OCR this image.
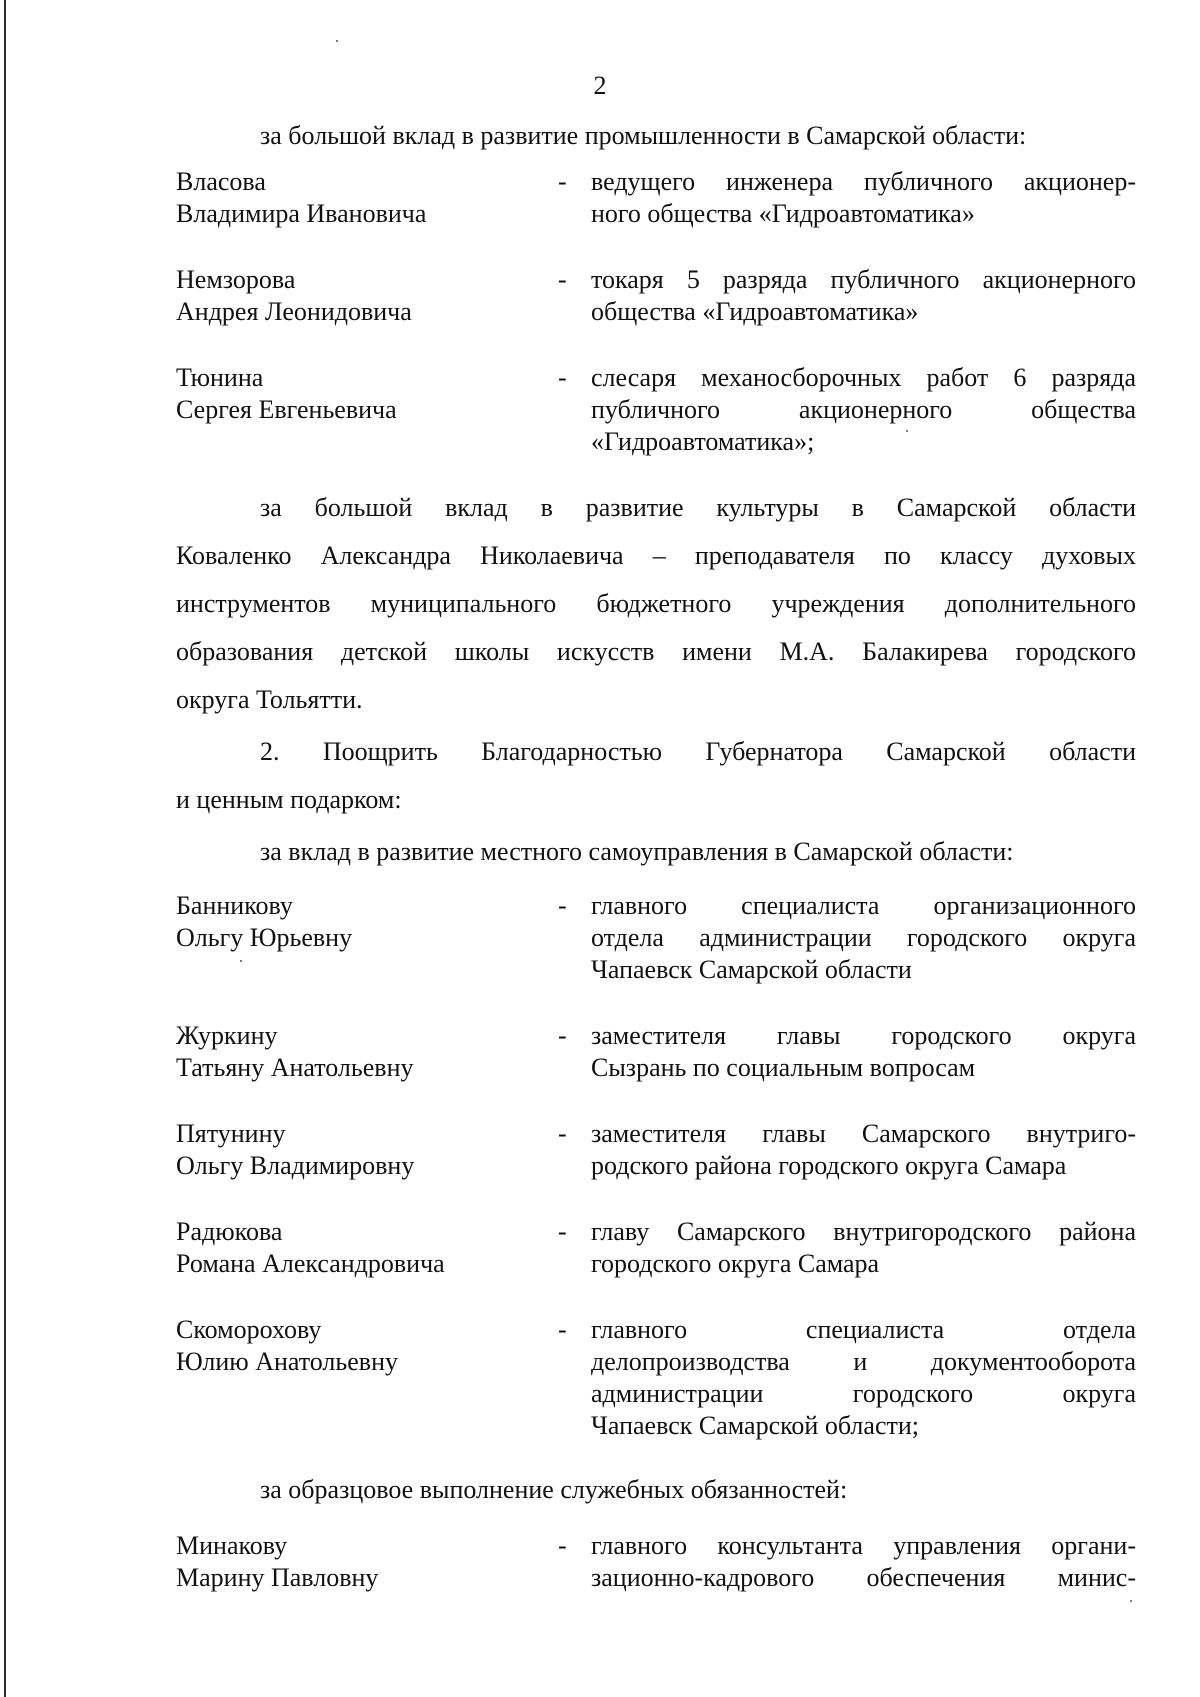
2
за большой вклад в развитие промышленности в Самарской области:
Власова
Владимира Ивановича
- ведущего инженера публичного акционер-
ного общества «Гидроавтоматика»
Немзорова
Андрея Леонидовича
- токаря 5 разряда публичного акционерного
общества «Гидроавтоматика»
Тюнина
Сергея Евгеньевича
- слесаря механосборочных работ 6 разряда
публичного акционерного общества
«Гидроавтоматика»;
за большой вклад в развитие культуры в Самарской области
Коваленко Александра Николаевича – преподавателя по классу духовых
инструментов муниципального бюджетного учреждения дополнительного
образования детской школы искусств имени М.А. Балакирева городского
округа Тольятти.
2. Поощрить Благодарностью Губернатора Самарской области
и ценным подарком:
за вклад в развитие местного самоуправления в Самарской области:
Банникову
Ольгу Юрьевну
- главного специалиста организационного
отдела администрации городского округа
Чапаевск Самарской области
Журкину
Татьяну Анатольевну
- заместителя главы городского округа
Сызрань по социальным вопросам
Пятунину
Ольгу Владимировну
- заместителя главы Самарского внутриго-
родского района городского округа Самара
Радюкова
Романа Александровича
- главу Самарского внутригородского района
городского округа Самара
Скоморохову
Юлию Анатольевну
- главного специалиста отдела
делопроизводства и документооборота
администрации городского округа
Чапаевск Самарской области;
за образцовое выполнение служебных обязанностей:
Минакову
Марину Павловну
- главного консультанта управления органи-
зационно-кадрового обеспечения минис-
